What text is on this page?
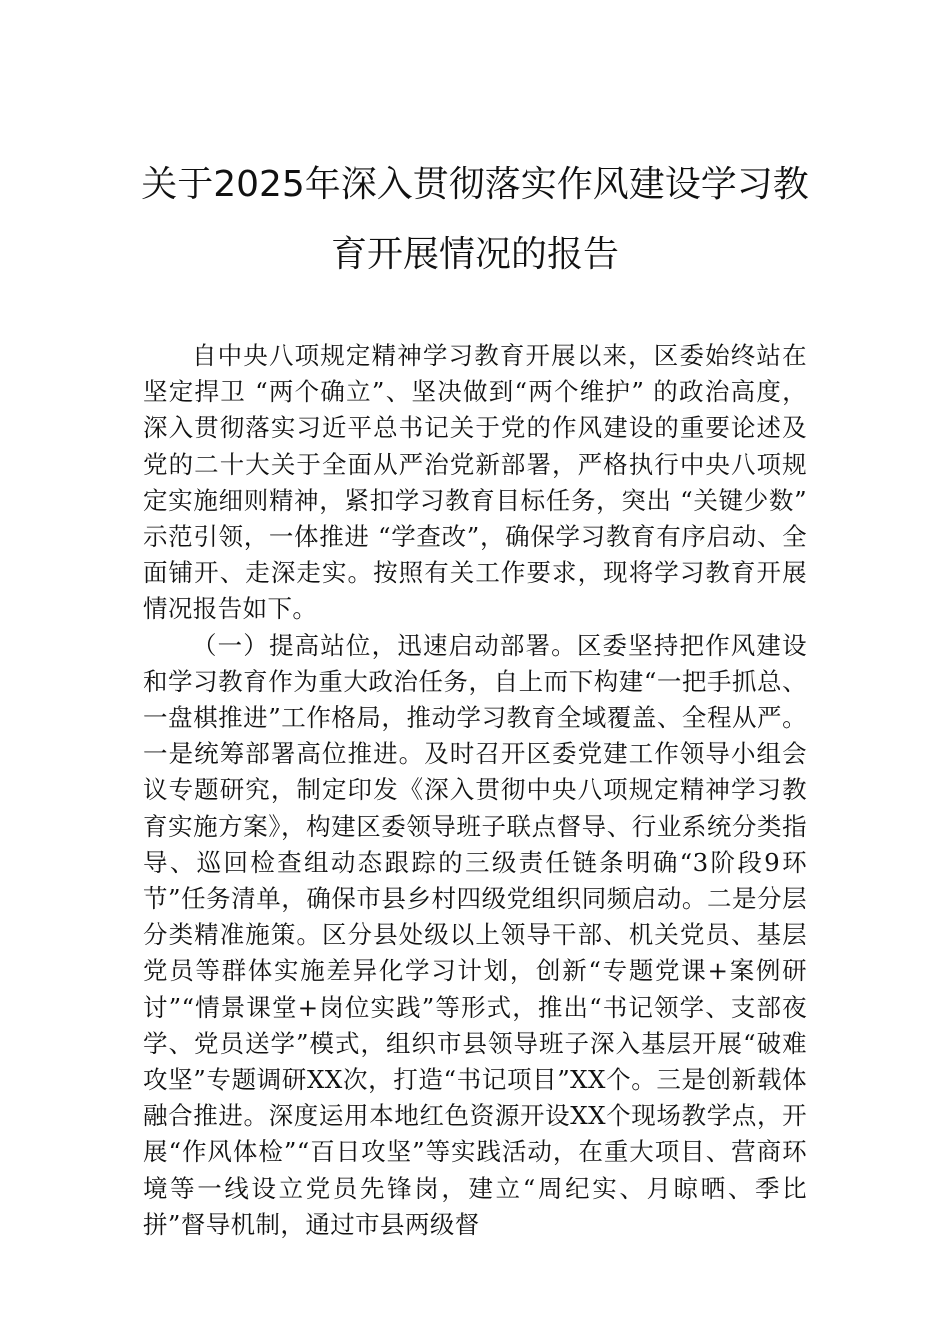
关于2025年深入贯彻落实作风建设学习教
育开展情况的报告

自中央八项规定精神学习教育开展以来，区委始终站在坚定捍卫 “两个确立”、坚决做到“两个维护” 的政治高度，深入贯彻落实习近平总书记关于党的作风建设的重要论述及党的二十大关于全面从严治党新部署，严格执行中央八项规定实施细则精神，紧扣学习教育目标任务，突出 “关键少数” 示范引领，一体推进 “学查改”，确保学习教育有序启动、全面铺开、走深走实。按照有关工作要求，现将学习教育开展情况报告如下。

（一）提高站位，迅速启动部署。区委坚持把作风建设和学习教育作为重大政治任务，自上而下构建“一把手抓总、一盘棋推进”工作格局，推动学习教育全域覆盖、全程从严。一是统筹部署高位推进。及时召开区委党建工作领导小组会议专题研究，制定印发《深入贯彻中央八项规定精神学习教育实施方案》，构建区委领导班子联点督导、行业系统分类指导、巡回检查组动态跟踪的三级责任链条明确“3阶段9环节”任务清单，确保市县乡村四级党组织同频启动。二是分层分类精准施策。区分县处级以上领导干部、机关党员、基层党员等群体实施差异化学习计划，创新“专题党课+案例研讨”“情景课堂+岗位实践”等形式，推出“书记领学、支部夜学、党员送学”模式，组织市县领导班子深入基层开展“破难攻坚”专题调研XX次，打造“书记项目”XX个。三是创新载体融合推进。深度运用本地红色资源开设XX个现场教学点，开展“作风体检”“百日攻坚”等实践活动，在重大项目、营商环境等一线设立党员先锋岗，建立“周纪实、月晾晒、季比拼”督导机制，通过市县两级督
